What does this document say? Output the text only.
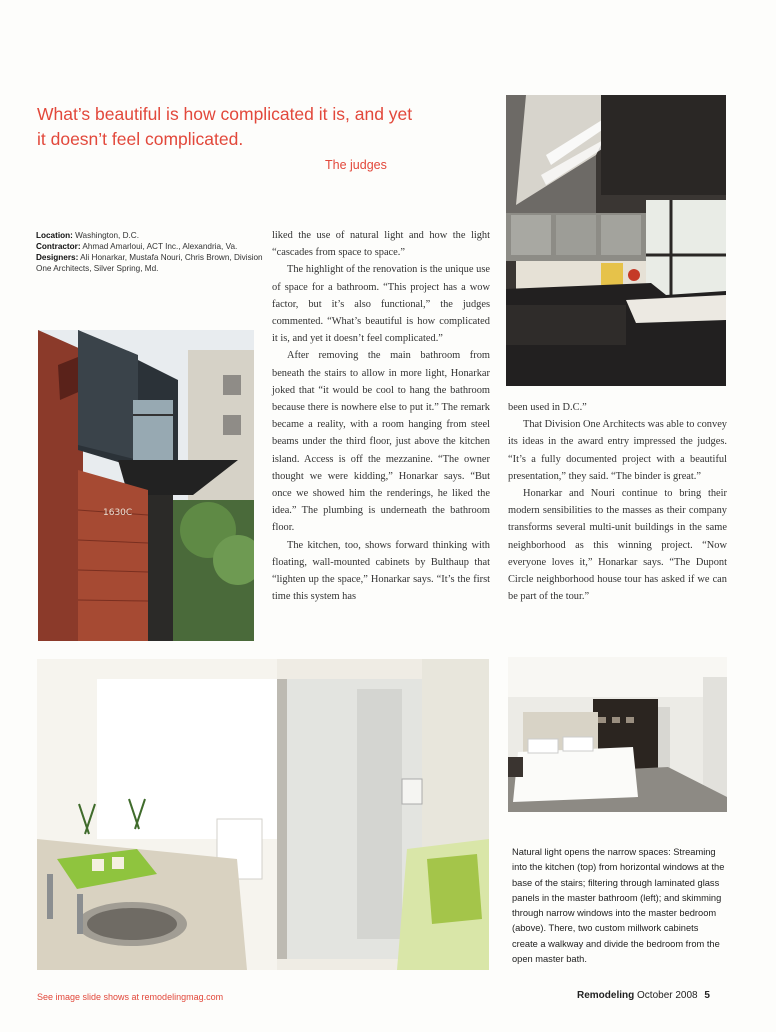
What’s beautiful is how complicated it is, and yet it doesn’t feel complicated.
The judges
Location: Washington, D.C.
Contractor: Ahmad Amarloui, ACT Inc., Alexandria, Va.
Designers: Ali Honarkar, Mustafa Nouri, Chris Brown, Division One Architects, Silver Spring, Md.
1630C

liked the use of natural light and how the light “cascades from space to space.”

The highlight of the renovation is the unique use of space for a bathroom. “This project has a wow factor, but it’s also functional,” the judges commented. “What’s beautiful is how complicated it is, and yet it doesn’t feel complicated.”

After removing the main bathroom from beneath the stairs to allow in more light, Honarkar joked that “it would be cool to hang the bathroom because there is nowhere else to put it.” The remark became a reality, with a room hanging from steel beams under the third floor, just above the kitchen island. Access is off the mezzanine. “The owner thought we were kidding,” Honarkar says. “But once we showed him the renderings, he liked the idea.” The plumbing is underneath the bathroom floor.

The kitchen, too, shows forward thinking with floating, wall-mounted cabinets by Bulthaup that “lighten up the space,” Honarkar says. “It’s the first time this system has

been used in D.C.”

That Division One Architects was able to convey its ideas in the award entry impressed the judges. “It’s a fully documented project with a beautiful presentation,” they said. “The binder is great.”

Honarkar and Nouri continue to bring their modern sensibilities to the masses as their company transforms several multi-unit buildings in the same neighborhood as this winning project. “Now everyone loves it,” Honarkar says. “The Dupont Circle neighborhood house tour has asked if we can be part of the tour.”

Natural light opens the narrow spaces: Streaming into the kitchen (top) from horizontal windows at the base of the stairs; filtering through laminated glass panels in the master bathroom (left); and skimming through narrow windows into the master bedroom (above). There, two custom millwork cabinets create a walkway and divide the bedroom from the open master bath.
See image slide shows at remodelingmag.com	Remodeling October 2008 5
